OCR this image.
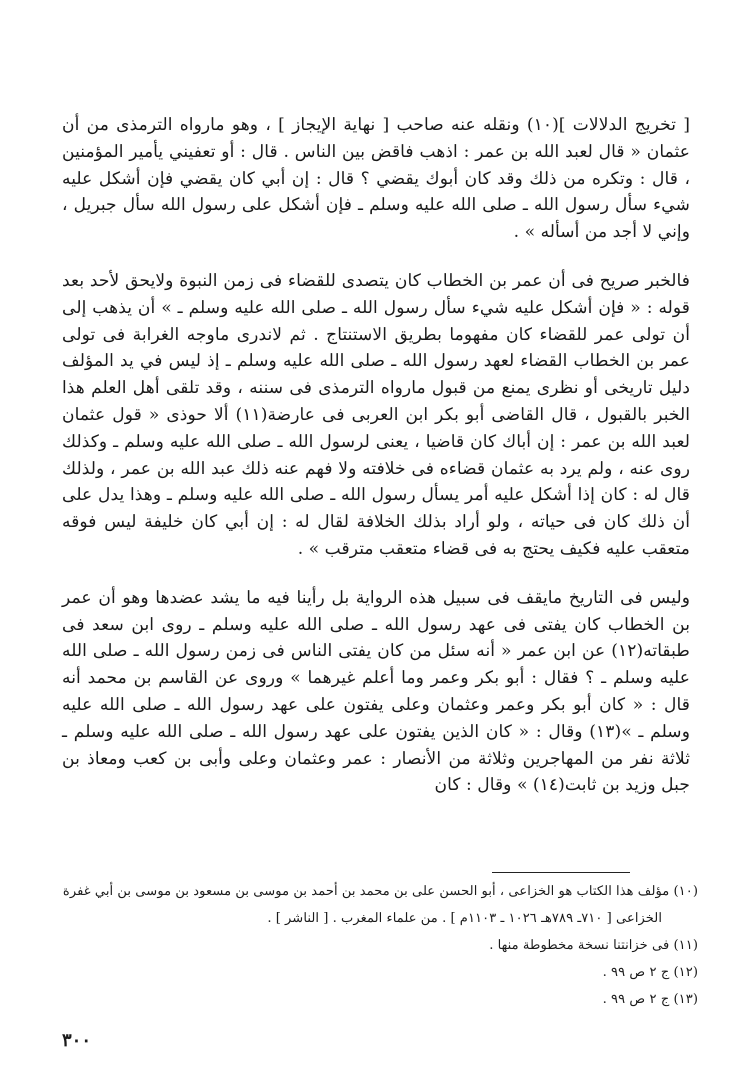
[ تخريج الدلالات ](١٠) ونقله عنه صاحب [ نهاية الإيجاز ] ، وهو مارواه الترمذى من أن عثمان « قال لعبد الله بن عمر : اذهب فاقض بين الناس . قال : أو تعفيني يأمير المؤمنين ، قال : وتكره من ذلك وقد كان أبوك يقضي ؟ قال : إن أبي كان يقضي فإن أشكل عليه شيء سأل رسول الله ـ صلى الله عليه وسلم ـ فإن أشكل على رسول الله سأل جبريل ، وإني لا أجد من أسأله » .

فالخبر صريح فى أن عمر بن الخطاب كان يتصدى للقضاء فى زمن النبوة ولايحق لأحد بعد قوله : « فإن أشكل عليه شيء سأل رسول الله ـ صلى الله عليه وسلم ـ » أن يذهب إلى أن تولى عمر للقضاء كان مفهوما بطريق الاستنتاج . ثم لاندرى ماوجه الغرابة فى تولى عمر بن الخطاب القضاء لعهد رسول الله ـ صلى الله عليه وسلم ـ إذ ليس في يد المؤلف دليل تاريخى أو نظرى يمنع من قبول مارواه الترمذى فى سننه ، وقد تلقى أهل العلم هذا الخبر بالقبول ، قال القاضى أبو بكر ابن العربى فى عارضة(١١) ألا حوذى « قول عثمان لعبد الله بن عمر : إن أباك كان قاضيا ، يعنى لرسول الله ـ صلى الله عليه وسلم ـ وكذلك روى عنه ، ولم يرد به عثمان قضاءه فى خلافته ولا فهم عنه ذلك عبد الله بن عمر ، ولذلك قال له : كان إذا أشكل عليه أمر يسأل رسول الله ـ صلى الله عليه وسلم ـ وهذا يدل على أن ذلك كان فى حياته ، ولو أراد بذلك الخلافة لقال له : إن أبي كان خليفة ليس فوقه متعقب عليه فكيف يحتج به فى قضاء متعقب مترقب » .

وليس فى التاريخ مايقف فى سبيل هذه الرواية بل رأينا فيه ما يشد عضدها وهو أن عمر بن الخطاب كان يفتى فى عهد رسول الله ـ صلى الله عليه وسلم ـ روى ابن سعد فى طبقاته(١٢) عن ابن عمر « أنه سئل من كان يفتى الناس فى زمن رسول الله ـ صلى الله عليه وسلم ـ ؟ فقال : أبو بكر وعمر وما أعلم غيرهما » وروى عن القاسم بن محمد أنه قال : « كان أبو بكر وعمر وعثمان وعلى يفتون على عهد رسول الله ـ صلى الله عليه وسلم ـ »(١٣) وقال : « كان الذين يفتون على عهد رسول الله ـ صلى الله عليه وسلم ـ ثلاثة نفر من المهاجرين وثلاثة من الأنصار : عمر وعثمان وعلى وأبى بن كعب ومعاذ بن جبل وزيد بن ثابت(١٤) » وقال : كان

(١٠) مؤلف هذا الكتاب هو الخزاعى ، أبو الحسن على بن محمد بن أحمد بن موسى بن مسعود بن موسى بن أبي غفرة

الخزاعى [ ٧١٠ـ ٧٨٩هـ ١٠٢٦ ـ ١١٠٣م ] . من علماء المغرب . [ الناشر ] .

(١١) فى خزانتنا نسخة مخطوطة منها .

(١٢) ج ٢ ص ٩٩ .

(١٣) ج ٢ ص ٩٩ .

٣٠٠
